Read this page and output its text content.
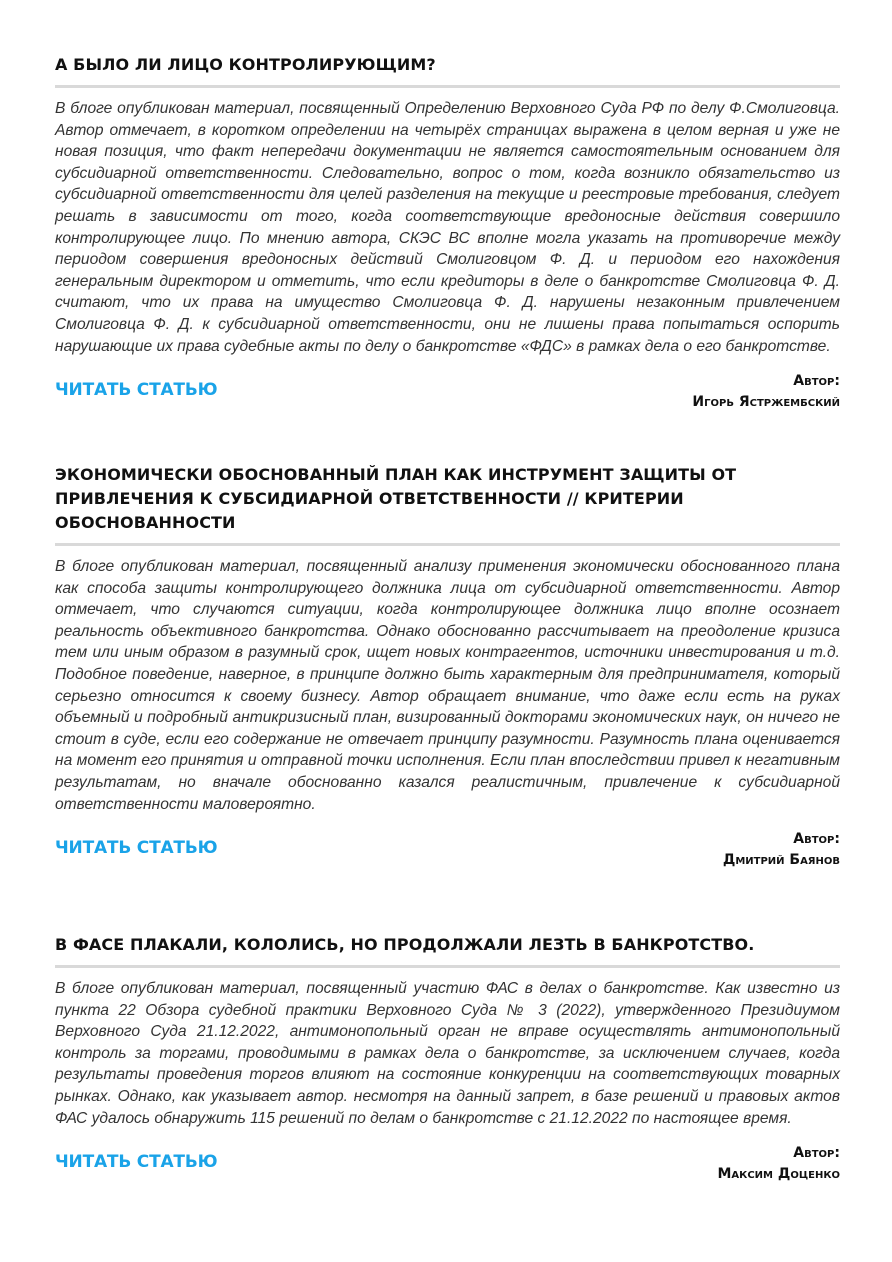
А БЫЛО ЛИ ЛИЦО КОНТРОЛИРУЮЩИМ?

В блоге опубликован материал, посвященный Определению Верховного Суда РФ по делу Ф.Смолиговца. Автор отмечает, в коротком определении на четырёх страницах выражена в целом верная и уже не новая позиция, что факт непередачи документации не является самостоятельным основанием для субсидиарной ответственности. Следовательно, вопрос о том, когда возникло обязательство из субсидиарной ответственности для целей разделения на текущие и реестровые требования, следует решать в зависимости от того, когда соответствующие вредоносные действия совершило контролирующее лицо. По мнению автора, СКЭС ВС вполне могла указать на противоречие между периодом совершения вредоносных действий Смолиговцом Ф. Д. и периодом его нахождения генеральным директором и отметить, что если кредиторы в деле о банкротстве Смолиговца Ф. Д. считают, что их права на имущество Смолиговца Ф. Д. нарушены незаконным привлечением Смолиговца Ф. Д. к субсидиарной ответственности, они не лишены права попытаться оспорить нарушающие их права судебные акты по делу о банкротстве «ФДС» в рамках дела о его банкротстве.

ЧИТАТЬ СТАТЬЮ	Автор:
Игорь Ястржембский
ЭКОНОМИЧЕСКИ ОБОСНОВАННЫЙ ПЛАН КАК ИНСТРУМЕНТ ЗАЩИТЫ ОТ ПРИВЛЕЧЕНИЯ К СУБСИДИАРНОЙ ОТВЕТСТВЕННОСТИ // КРИТЕРИИ ОБОСНОВАННОСТИ

В блоге опубликован материал, посвященный анализу применения экономически обоснованного плана как способа защиты контролирующего должника лица от субсидиарной ответственности. Автор отмечает, что случаются ситуации, когда контролирующее должника лицо вполне осознает реальность объективного банкротства. Однако обоснованно рассчитывает на преодоление кризиса тем или иным образом в разумный срок, ищет новых контрагентов, источники инвестирования и т.д. Подобное поведение, наверное, в принципе должно быть характерным для предпринимателя, который серьезно относится к своему бизнесу. Автор обращает внимание, что даже если есть на руках объемный и подробный антикризисный план, визированный докторами экономических наук, он ничего не стоит в суде, если его содержание не отвечает принципу разумности. Разумность плана оценивается на момент его принятия и отправной точки исполнения. Если план впоследствии привел к негативным результатам, но вначале обоснованно казался реалистичным, привлечение к субсидиарной ответственности маловероятно.

ЧИТАТЬ СТАТЬЮ	Автор:
Дмитрий Баянов
В ФАСЕ ПЛАКАЛИ, КОЛОЛИСЬ, НО ПРОДОЛЖАЛИ ЛЕЗТЬ В БАНКРОТСТВО.

В блоге опубликован материал, посвященный участию ФАС в делах о банкротстве. Как известно из пункта 22 Обзора судебной практики Верховного Суда № 3 (2022), утвержденного Президиумом Верховного Суда 21.12.2022, антимонопольный орган не вправе осуществлять антимонопольный контроль за торгами, проводимыми в рамках дела о банкротстве, за исключением случаев, когда результаты проведения торгов влияют на состояние конкуренции на соответствующих товарных рынках. Однако, как указывает автор. несмотря на данный запрет, в базе решений и правовых актов ФАС удалось обнаружить 115 решений по делам о банкротстве с 21.12.2022 по настоящее время.

ЧИТАТЬ СТАТЬЮ	Автор:
Максим Доценко
